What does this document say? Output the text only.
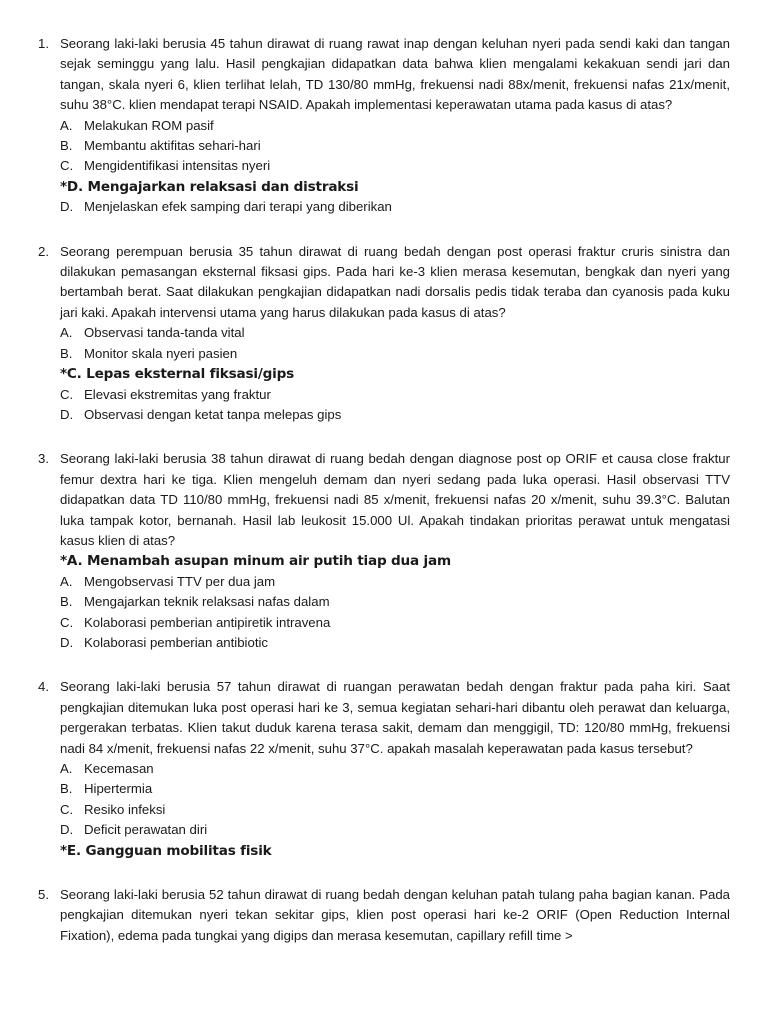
1. Seorang laki-laki berusia 45 tahun dirawat di ruang rawat inap dengan keluhan nyeri pada sendi kaki dan tangan sejak seminggu yang lalu. Hasil pengkajian didapatkan data bahwa klien mengalami kekakuan sendi jari dan tangan, skala nyeri 6, klien terlihat lelah, TD 130/80 mmHg, frekuensi nadi 88x/menit, frekuensi nafas 21x/menit, suhu 38°C. klien mendapat terapi NSAID. Apakah implementasi keperawatan utama pada kasus di atas?

A. Melakukan ROM pasif
B. Membantu aktifitas sehari-hari
C. Mengidentifikasi intensitas nyeri
*D. Mengajarkan relaksasi dan distraksi
D. Menjelaskan efek samping dari terapi yang diberikan
2. Seorang perempuan berusia 35 tahun dirawat di ruang bedah dengan post operasi fraktur cruris sinistra dan dilakukan pemasangan eksternal fiksasi gips. Pada hari ke-3 klien merasa kesemutan, bengkak dan nyeri yang bertambah berat. Saat dilakukan pengkajian didapatkan nadi dorsalis pedis tidak teraba dan cyanosis pada kuku jari kaki. Apakah intervensi utama yang harus dilakukan pada kasus di atas?

A. Observasi tanda-tanda vital
B. Monitor skala nyeri pasien
*C. Lepas eksternal fiksasi/gips
C. Elevasi ekstremitas yang fraktur
D. Observasi dengan ketat tanpa melepas gips
3. Seorang laki-laki berusia 38 tahun dirawat di ruang bedah dengan diagnose post op ORIF et causa close fraktur femur dextra hari ke tiga. Klien mengeluh demam dan nyeri sedang pada luka operasi. Hasil observasi TTV didapatkan data TD 110/80 mmHg, frekuensi nadi 85 x/menit, frekuensi nafas 20 x/menit, suhu 39.3°C. Balutan luka tampak kotor, bernanah. Hasil lab leukosit 15.000 Ul. Apakah tindakan prioritas perawat untuk mengatasi kasus klien di atas?

*A. Menambah asupan minum air putih tiap dua jam
A. Mengobservasi TTV per dua jam
B. Mengajarkan teknik relaksasi nafas dalam
C. Kolaborasi pemberian antipiretik intravena
D. Kolaborasi pemberian antibiotic
4. Seorang laki-laki berusia 57 tahun dirawat di ruangan perawatan bedah dengan fraktur pada paha kiri. Saat pengkajian ditemukan luka post operasi hari ke 3, semua kegiatan sehari-hari dibantu oleh perawat dan keluarga, pergerakan terbatas. Klien takut duduk karena terasa sakit, demam dan menggigil, TD: 120/80 mmHg, frekuensi nadi 84 x/menit, frekuensi nafas 22 x/menit, suhu 37°C. apakah masalah keperawatan pada kasus tersebut?

A. Kecemasan
B. Hipertermia
C. Resiko infeksi
D. Deficit perawatan diri
*E. Gangguan mobilitas fisik
5. Seorang laki-laki berusia 52 tahun dirawat di ruang bedah dengan keluhan patah tulang paha bagian kanan. Pada pengkajian ditemukan nyeri tekan sekitar gips, klien post operasi hari ke-2 ORIF (Open Reduction Internal Fixation), edema pada tungkai yang digips dan merasa kesemutan, capillary refill time >
